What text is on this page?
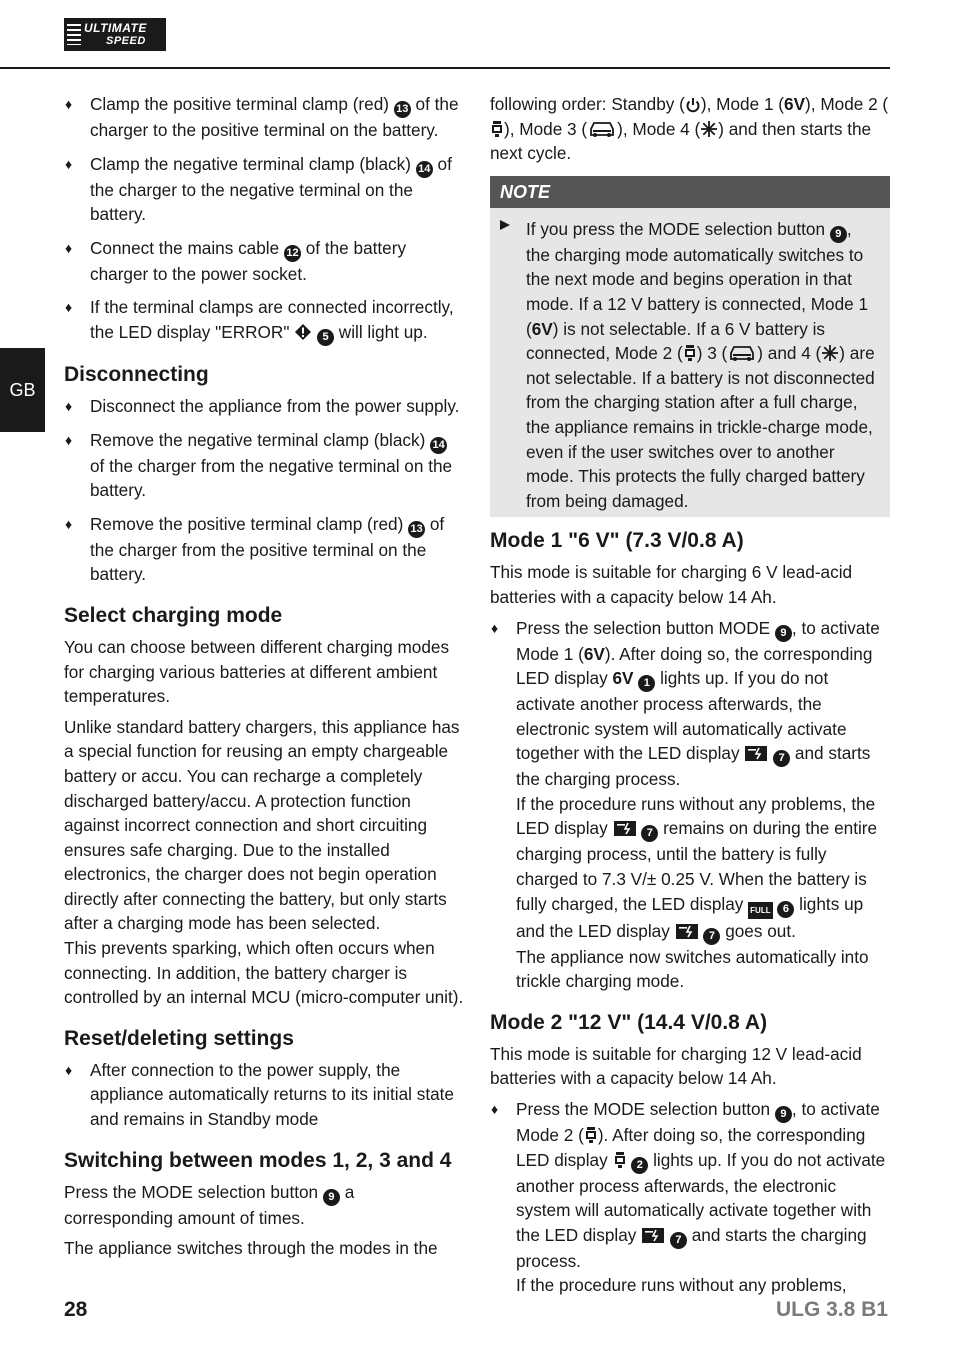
ULTIMATE
SPEED
GB
♦ Clamp the positive terminal clamp (red) 13 of the charger to the positive terminal on the battery.
♦ Clamp the negative terminal clamp (black) 14 of the charger to the negative terminal on the battery.
♦ Connect the mains cable 12 of the battery charger to the power socket.
♦ If the terminal clamps are connected incorrectly, the LED display "ERROR"	5 will light up.
Disconnecting
♦ Disconnect the appliance from the power supply.
♦ Remove the negative terminal clamp (black) 14 of the charger from the negative terminal on the battery.
♦ Remove the positive terminal clamp (red) 13 of the charger from the positive terminal on the battery.
Select charging mode

You can choose between different charging modes for charging various batteries at different ambient temperatures.

Unlike standard battery chargers, this appliance has a special function for reusing an empty chargeable battery or accu. You can recharge a completely discharged battery/accu. A protection function against incorrect connection and short circuiting ensures safe charging. Due to the installed electronics, the charger does not begin operation directly after connecting the battery, but only starts after a charging mode has been selected.

This prevents sparking, which often occurs when connecting. In addition, the battery charger is controlled by an internal MCU (micro-computer unit).

Reset/deleting settings
♦ After connection to the power supply, the appliance automatically returns to its initial state and remains in Standby mode
Switching between modes 1, 2, 3 and 4

Press the MODE selection button 9 a corresponding amount of times.

The appliance switches through the modes in the

following order: Standby ( ), Mode 1 (6V), Mode 2 (), Mode 3 ( ), Mode 4 ( ) and then starts the next cycle.

NOTE
If you press the MODE selection button 9 , the charging mode automatically switches to the next mode and begins operation in that mode. If a 12 V battery is connected, Mode 1 (6V) is not selectable. If a 6 V battery is connected, Mode 2 ( ) 3 ( ) and 4 ( ) are not selectable. If a battery is not disconnected from the charging station after a full charge, the appliance remains in trickle-charge mode, even if the user switches over to another mode. This protects the fully charged battery from being damaged.
Mode 1 "6 V" (7.3 V/0.8 A)

This mode is suitable for charging 6 V lead-acid batteries with a capacity below 14 Ah.

♦ Press the selection button MODE 9 , to activate Mode 1 (6V). After doing so, the corresponding LED display 6V 1 lights up. If you do not activate another process afterwards, the electronic system will automatically activate together with the LED display	7 and starts the charging process.
If the procedure runs without any problems, the LED display	7 remains on during the entire charging process, until the battery is fully charged to 7.3 V/± 0.25 V. When the battery is fully charged, the LED display FULL 6 lights up and the LED display	7 goes out.
The appliance now switches automatically into trickle charging mode.
Mode 2 "12 V" (14.4 V/0.8 A)

This mode is suitable for charging 12 V lead-acid batteries with a capacity below 14 Ah.

♦ Press the MODE selection button 9 , to activate Mode 2 ( ). After doing so, the corresponding LED display	2 lights up. If you do not activate another process afterwards, the electronic system will automatically activate together with the LED display	7 and starts the charging process.
If the procedure runs without any problems,
28	ULG 3.8 B1
